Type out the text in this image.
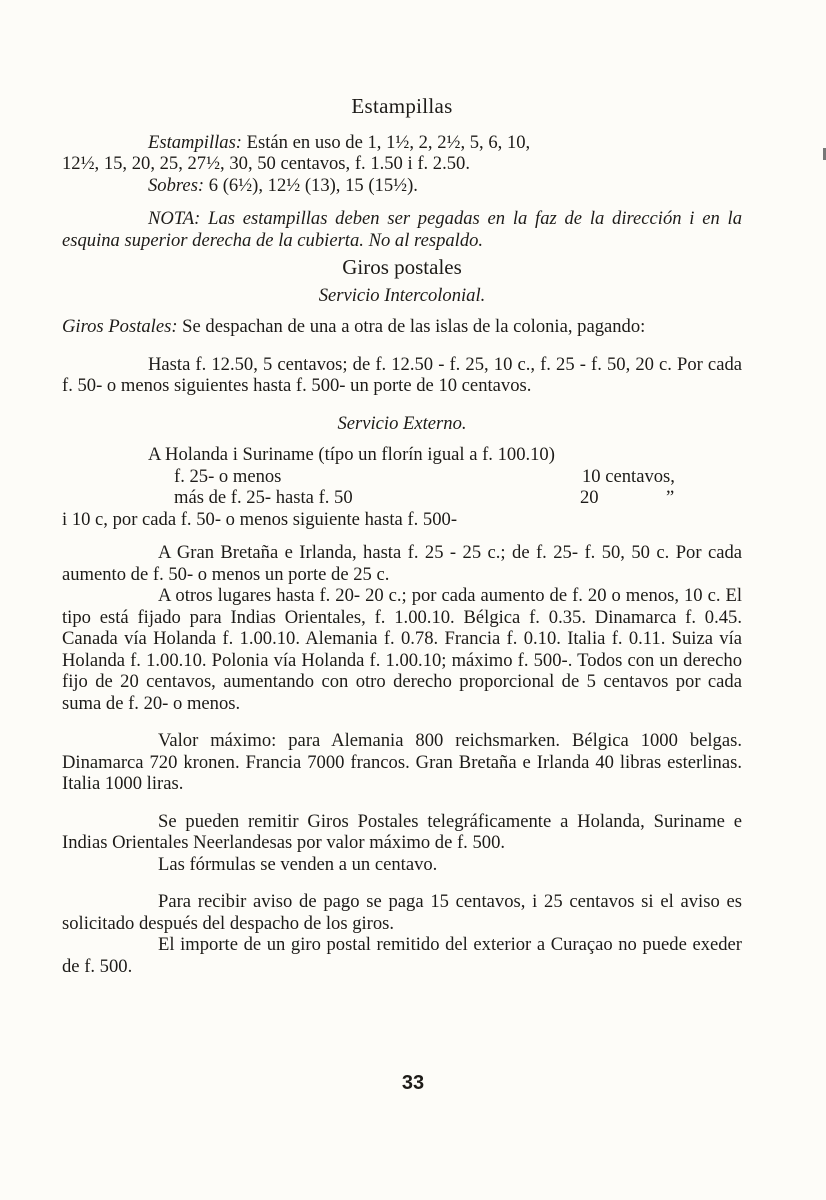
Estampillas

Estampillas: Están en uso de 1, 1½, 2, 2½, 5, 6, 10,
12½, 15, 20, 25, 27½, 30, 50 centavos, f. 1.50 i f. 2.50.

Sobres: 6 (6½), 12½ (13), 15 (15½).

NOTA: Las estampillas deben ser pegadas en la faz de la dirección i en la esquina superior derecha de la cubierta. No al respaldo.

Giros postales
Servicio Intercolonial.

Giros Postales: Se despachan de una a otra de las islas de la colonia, pagando:

Hasta f. 12.50, 5 centavos; de f. 12.50 - f. 25, 10 c., f. 25 - f. 50, 20 c. Por cada f. 50- o menos siguientes hasta f. 500- un porte de 10 centavos.

Servicio Externo.

A Holanda i Suriname (típo un florín igual a f. 100.10)

f. 25- o menos	10 centavos,
más de f. 25- hasta f. 50	20	”

i 10 c, por cada f. 50- o menos siguiente hasta f. 500-

A Gran Bretaña e Irlanda, hasta f. 25 - 25 c.; de f. 25- f. 50, 50 c. Por cada aumento de f. 50- o menos un porte de 25 c.

A otros lugares hasta f. 20- 20 c.; por cada aumento de f. 20 o menos, 10 c. El tipo está fijado para Indias Orientales, f. 1.00.10. Bélgica f. 0.35. Dinamarca f. 0.45. Canada vía Holanda f. 1.00.10. Alemania f. 0.78. Francia f. 0.10. Italia f. 0.11. Suiza vía Holanda f. 1.00.10. Polonia vía Holanda f. 1.00.10; máximo f. 500-. Todos con un derecho fijo de 20 centavos, aumentando con otro derecho proporcional de 5 centavos por cada suma de f. 20- o menos.

Valor máximo: para Alemania 800 reichsmarken. Bélgica 1000 belgas. Dinamarca 720 kronen. Francia 7000 francos. Gran Bretaña e Irlanda 40 libras esterlinas. Italia 1000 liras.

Se pueden remitir Giros Postales telegráficamente a Holanda, Suriname e Indias Orientales Neerlandesas por valor máximo de f. 500.

Las fórmulas se venden a un centavo.

Para recibir aviso de pago se paga 15 centavos, i 25 centavos si el aviso es solicitado después del despacho de los giros.

El importe de un giro postal remitido del exterior a Curaçao no puede exeder de f. 500.

33
